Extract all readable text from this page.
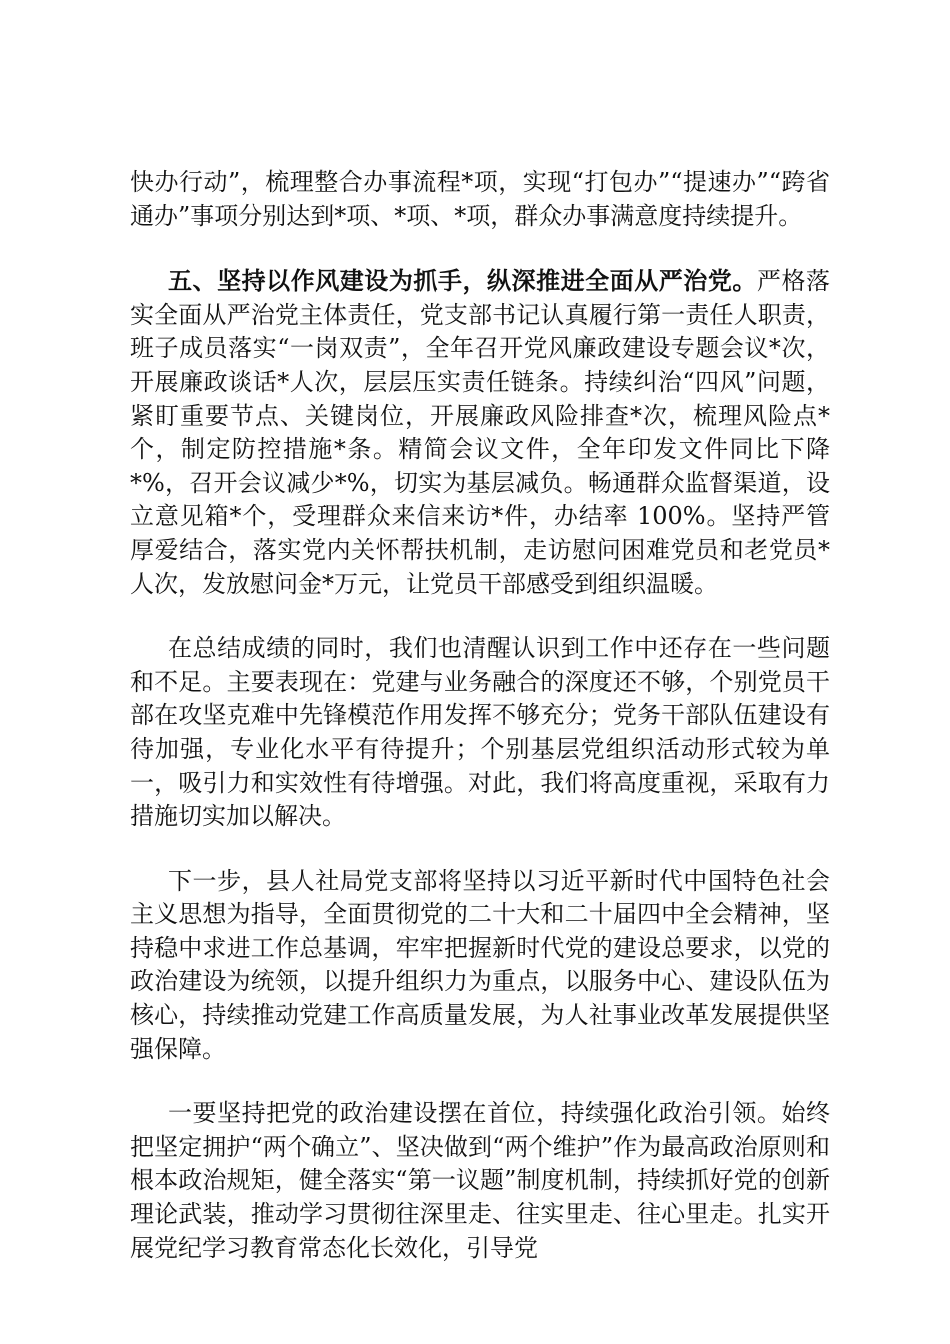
快办行动”，梳理整合办事流程*项，实现“打包办”“提速办”“跨省通办”事项分别达到*项、*项、*项，群众办事满意度持续提升。

五、坚持以作风建设为抓手，纵深推进全面从严治党。严格落实全面从严治党主体责任，党支部书记认真履行第一责任人职责，班子成员落实“一岗双责”，全年召开党风廉政建设专题会议*次，开展廉政谈话*人次，层层压实责任链条。持续纠治“四风”问题，紧盯重要节点、关键岗位，开展廉政风险排查*次，梳理风险点*个，制定防控措施*条。精简会议文件，全年印发文件同比下降*%，召开会议减少*%，切实为基层减负。畅通群众监督渠道，设立意见箱*个，受理群众来信来访*件，办结率 100%。坚持严管厚爱结合，落实党内关怀帮扶机制，走访慰问困难党员和老党员*人次，发放慰问金*万元，让党员干部感受到组织温暖。

在总结成绩的同时，我们也清醒认识到工作中还存在一些问题和不足。主要表现在：党建与业务融合的深度还不够，个别党员干部在攻坚克难中先锋模范作用发挥不够充分；党务干部队伍建设有待加强，专业化水平有待提升；个别基层党组织活动形式较为单一，吸引力和实效性有待增强。对此，我们将高度重视，采取有力措施切实加以解决。

下一步，县人社局党支部将坚持以习近平新时代中国特色社会主义思想为指导，全面贯彻党的二十大和二十届四中全会精神，坚持稳中求进工作总基调，牢牢把握新时代党的建设总要求，以党的政治建设为统领，以提升组织力为重点，以服务中心、建设队伍为核心，持续推动党建工作高质量发展，为人社事业改革发展提供坚强保障。

一要坚持把党的政治建设摆在首位，持续强化政治引领。始终把坚定拥护“两个确立”、坚决做到“两个维护”作为最高政治原则和根本政治规矩，健全落实“第一议题”制度机制，持续抓好党的创新理论武装，推动学习贯彻往深里走、往实里走、往心里走。扎实开展党纪学习教育常态化长效化，引导党
